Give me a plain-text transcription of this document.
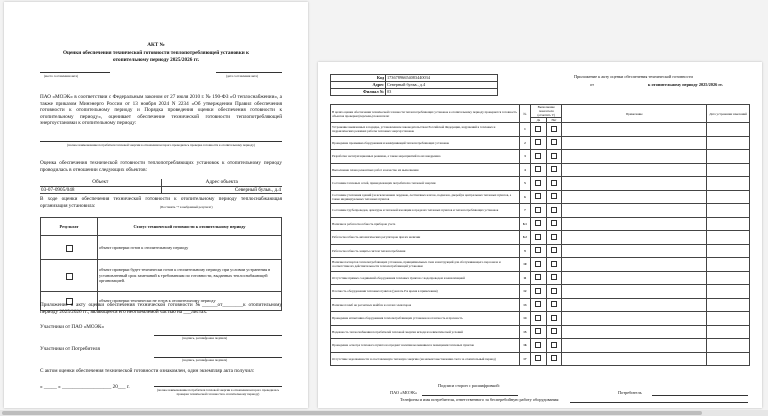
АКТ №
Оценки обеспечения технической готовности теплопотребляющей установки к
отопительному периоду 2025/2026 гг.
(место составления акта)	(дата составления акта)
ПАО «МОЭК» в соответствии с Федеральным законом от 27 июля 2010 г. № 190-ФЗ «О теплоснабжении», а также приказом Минэнерго России от 13 ноября 2024 N 2234 «Об утверждении Правил обеспечения готовности к отопительному периоду и Порядка проведения оценки обеспечения готовности к отопительному периоду», оценивает обеспечение технической готовности теплопотребляющей энергоустановки к отопительному периоду:
(полное наименование потребителя тепловой энергии в отношении которого проводилась проверка готовности к отопительному периоду)
Оценка обеспечения технической готовности теплопотребляющих установок к отопительному периоду проводилась в отношении следующих объектов:
Объект	Адрес объекта
03-07-0905/048	Северный бульв., д.4
В ходе оценки обеспечения технической готовности к отопительному периоду теплоснабжающая организация установила:	(Поставить "+ в выбранный результат)
Результат	Статус технической готовности к отопительному периоду
	объект проверки готов к отопительному периоду
	объект проверки будет технически готов к отопительному периоду при условии устранения в установленный срок замечаний к требованиям по готовности, выданных теплоснабжающей организацией.
	объект проверки технически не готов к отопительному периоду
Приложение к акту оценки обеспечения технической готовности №______от________к отопительному периоду 2025/2026 гг., являющееся его неотъемлемой частью на ___листах.
Участники от ПАО «МОЭК»
(подпись, расшифровка подписи)
Участники от Потребителя
(подпись, расшифровка подписи)
С актом оценки обеспечения технической готовности ознакомлен, один экземпляр акта получил:
« _____ » ___________________ 20___ г.	(полное наименование потребителя тепловой энергии в отношении которого проводилась проверка технической готовности к отопительному периоду)
Код	17367896654083440034
Адрес	Северный бульв., д.4
Филиал №	03
Приложение к акту оценки обеспечения технической готовности
от	к отопительному периоду 2025/2026 гг.
В целях оценки обеспечения технической готовности теплопотребляющих установок к отопительному периоду проверяется готовность объектов проверки (перечень) показатели:	№	Выполнение показателя (отметить V)		Примечание	Дата устранения замечаний
		Да	Нет		
Устранение выявленных в порядке, установленном законодательством Российской Федерации, нарушений в тепловых и гидравлических режимах работы тепловых энергоустановок	1				
Проведение промывки оборудования и коммуникаций теплопотребляющих установок	2				
Разработка эксплуатационных режимов, а также мероприятий по их внедрению	3				
Выполнение плана ремонтных работ и качество их выполнения	4				
Состояние тепловых сетей, принадлежащих потребителю тепловой энергии	5				
Состояние утепления зданий (за исключением чердаков, лестничных клеток, подвалов, дверей) и центральных тепловых пунктов, а также индивидуальных тепловых пунктов	6				
Состояние трубопроводов, арматуры и тепловой изоляции в пределах тепловых пунктов и теплопотребляющих установок	7				
Наличие и работоспособность приборов учета	8.1				
Работоспособность автоматических регуляторов при их наличии	8.2				
Работоспособность защиты систем теплопотребления	9				
Наличие паспортов теплопотребляющих установок, принципиальных схем и инструкций для обслуживающего персонала и соответствие их действительности теплопотребляющей установки	10				
Отсутствие прямых соединений оборудования тепловых пунктов с водопроводом и канализацией	11				
Плотность оборудования тепловых пунктов (указать P и время в примечании)	12				
Наличие пломб на расчетных шайбах и соплах элеваторов	13				
Проведение испытания оборудования теплопотребляющих установок на плотность и прочность	14				
Надежность теплоснабжения потребителей тепловой энергии исходя из климатической условий	15				
Проведение осмотра теплового пункта на предмет наличия колыванием в помещении тепловых пунктов	16				
Отсутствие задолженности за поставленную тепловую энергию (на момент выставления счета за отопительный период)	17				
Подписи сторон с расшифровкой:
ПАО «МОЭК»	Потребитель
Телефоны и имя потребителя, ответственного за бесперебойную работу оборудования:
